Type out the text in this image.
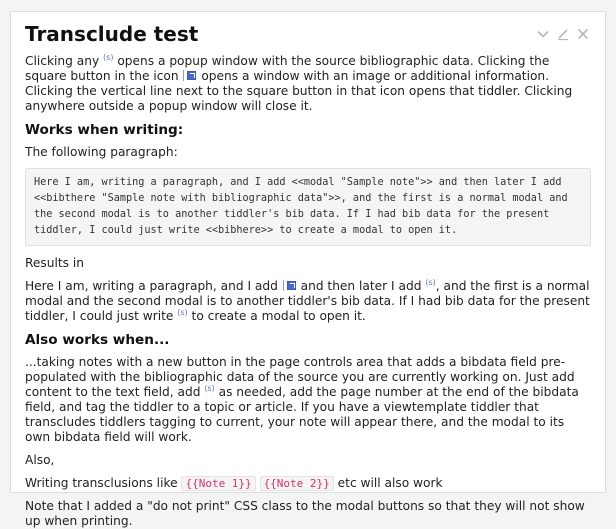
Transclude test

Clicking any $^{(s)}$ opens a popup window with the source bibliographic data. Clicking the square button in the icon
opens a window with an image or additional information. Clicking the vertical line next to the square button in that icon opens that tiddler. Clicking anywhere outside a popup window will close it.

Works when writing:

The following paragraph:

Here I am, writing a paragraph, and I add <<modal "Sample note">> and then later I add <<bibthere "Sample note with bibliographic data">>, and the first is a normal modal and the second modal is to another tiddler's bib data. If I had bib data for the present tiddler, I could just write <<bibhere>> to create a modal to open it.

Results in

Here I am, writing a paragraph, and I add
and then later I add $^{(s)}$, and the first is a normal modal and the second modal is to another tiddler's bib data. If I had bib data for the present tiddler, I could just write $^{(s)}$ to create a modal to open it.

Also works when...

...taking notes with a new button in the page controls area that adds a bibdata field pre-populated with the bibliographic data of the source you are currently working on. Just add content to the text field, add $^{(s)}$ as needed, add the page number at the end of the bibdata field, and tag the tiddler to a topic or article. If you have a viewtemplate tiddler that transcludes tiddlers tagging to current, your note will appear there, and the modal to its own bibdata field will work.

Also,

Writing transclusions like {{Note 1}} {{Note 2}} etc will also work

Note that I added a "do not print" CSS class to the modal buttons so that they will not show up when printing.
